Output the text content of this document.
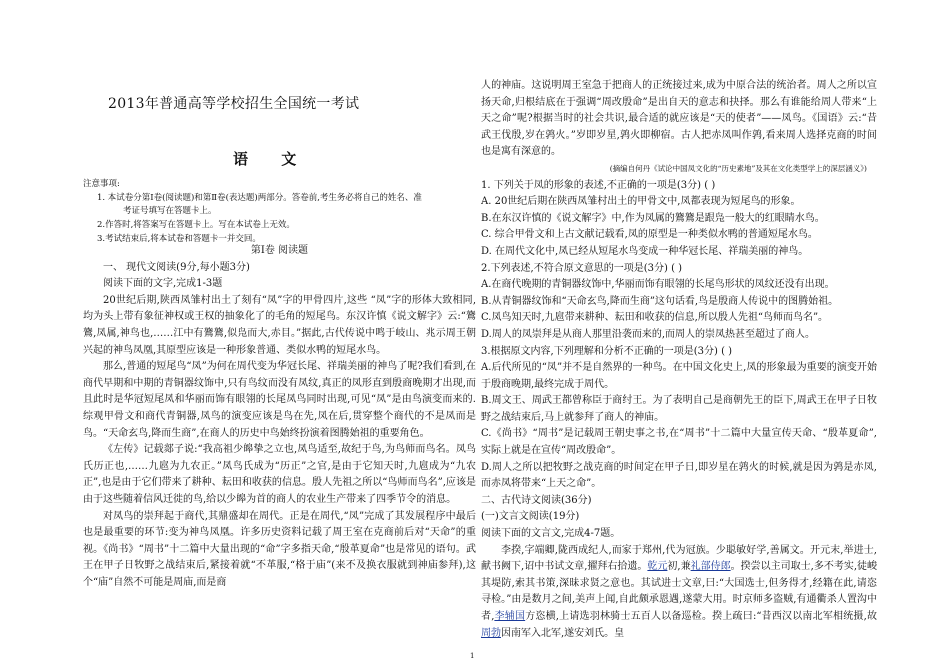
2013年普通高等学校招生全国统一考试
语 文
注意事项:
1. 本试卷分第Ⅰ卷(阅读题)和第Ⅱ卷(表达题)两部分。答卷前,考生务必将自己的姓名、准
考证号填写在答题卡上。
2.作答时,将答案写在答题卡上。写在本试卷上无效。
3.考试结束后,将本试卷和答题卡一并交回。

第Ⅰ卷 阅读题

一、 现代文阅读(9分,每小题3分)

阅读下面的文字,完成1-3题

20世纪后期,陕西凤雏村出土了刻有“凤”字的甲骨四片,这些 “凤”字的形体大致相同,均为头上带有象征神权或王权的抽象化了的毛角的短尾鸟。东汉许慎《说文解字》云:“鷟鷟,凤属,神鸟也,……江中有鷟鷟,似凫而大,赤目。”据此,古代传说中鸣于岐山、兆示周王朝兴起的神鸟凤凰,其原型应该是一种形象普通、类似水鸭的短尾水鸟。

那么,普通的短尾鸟“凤”为何在周代变为华冠长尾、祥瑞美丽的神鸟了呢?我们看到,在商代早期和中期的青铜器纹饰中,只有鸟纹而没有凤纹,真正的凤形直到殷商晚期才出现,而且此时是华冠短尾凤和华丽而饰有眼翎的长尾凤鸟同时出现,可见“凤”是由鸟演变而来的.综观甲骨文和商代青铜器,凤鸟的演变应该是鸟在先,凤在后,贯穿整个商代的不是凤而是鸟。“天命玄鸟,降而生商”,在商人的历史中鸟始终扮演着图腾始祖的重要角色。

《左传》记载郯子说:“我高祖少皞挚之立也,凤鸟适至,故纪于鸟,为鸟师而鸟名。凤鸟氏历正也,……九扈为九农正。”凤鸟氏成为“历正”之官,是由于它知天时,九扈成为“九农正”,也是由于它们带来了耕种、耘田和收获的信息。殷人先祖之所以“鸟师而鸟名”,应该是由于这些随着信风迁徙的鸟,给以少皞为首的商人的农业生产带来了四季节令的消息。

对凤鸟的崇拜起于商代,其鼎盛却在周代。正是在周代,“凤”完成了其发展程序中最后也是最重要的环节:变为神鸟凤凰。许多历史资料记载了周王室在克商前后对“天命”的重视。《尚书》“周书”十二篇中大量出现的“命”字多指天命,“殷革夏命”也是常见的语句。武王在甲子日牧野之战结束后,紧接着就“不革服,“格于庙”(来不及换衣服就到神庙参拜),这个“庙”自然不可能是周庙,而是商

人的神庙。这说明周王室急于把商人的正统接过来,成为中原合法的统治者。周人之所以宣扬天命,归根结底在于强调“周改殷命”是出自天的意志和抉择。那么有谁能给周人带来“上天之命”呢?根据当时的社会共识,最合适的就应该是“天的使者”——凤鸟。《国语》云:“昔武王伐殷,岁在鹑火。”岁即岁星,鹑火即柳宿。古人把赤凤叫作鹑,看来周人选择克商的时间也是寓有深意的。

(摘编自何丹《试论中国凤文化的“历史素地”及其在文化类型学上的深层涵义》)

1. 下列关于凤的形象的表述,不正确的一项是(3分) ( )

A. 20世纪后期在陕西凤雏村出土的甲骨文中,凤都表现为短尾鸟的形象。

B.在东汉许慎的《说文解字》中,作为凤属的鷟鷟是跟凫一般大的红眼睛水鸟。

C. 综合甲骨文和上古文献记载看,凤的原型是一种类似水鸭的普通短尾水鸟。

D. 在周代文化中,凤已经从短尾水鸟变成一种华冠长尾、祥瑞美丽的神鸟。

2.下列表述,不符合原文意思的一项是(3分) ( )

A.在商代晚期的青铜器纹饰中,华丽而饰有眼翎的长尾鸟形状的凤纹还没有出现。

B.从青铜器纹饰和“天命玄鸟,降而生商”这句话看,鸟是殷商人传说中的图腾始祖。

C.凤鸟知天时,九扈带来耕种、耘田和收获的信息,所以殷人先祖“鸟师而鸟名”。

D.周人的凤崇拜是从商人那里沿袭而来的,而周人的崇凤热甚至超过了商人。

3.根据原文内容,下列理解和分析不正确的一项是(3分) ( )

A.后代所见的“凤”并不是自然界的一种鸟。在中国文化史上,凤的形象最为重要的演变开始于殷商晚期,最终完成于周代。

B.周文王、周武王都曾称臣于商纣王。为了表明自己是商朝先王的臣下,周武王在甲子日牧野之战结束后,马上就参拜了商人的神庙。

C.《尚书》“周书”是记载周王朝史事之书,在“周书”十二篇中大量宣传天命、“殷革夏命”,实际上就是在宣传“周改殷命”。

D.周人之所以把牧野之战克商的时间定在甲子日,即岁星在鹑火的时候,就是因为鹑是赤凤,而赤凤将带来“上天之命”。

二、古代诗文阅读(36分)

(一)文言文阅读(19分)

阅读下面的文言文,完成4-7题。

李揆,字端卿,陇西成纪人,而家于郑州,代为冠族。少聪敏好学,善属文。开元末,举进士,献书阙下,诏中书试文章,擢拜右拾遗。乾元初,兼礼部侍郎。揆尝以主司取士,多不考实,徒峻其堤防,索其书策,深昧求贤之意也。其试进士文章,曰:“大国选士,但务得才,经籍在此,请恣寻检。”由是数月之间,美声上闻,自此颇承恩遇,遂蒙大用。时京师多盗贼,有通衢杀人置沟中者,李辅国方恣横,上请选羽林骑士五百人以备巡检。揆上疏曰:“昔西汉以南北军相统摄,故周勃因南军入北军,遂安刘氏。皇

1
